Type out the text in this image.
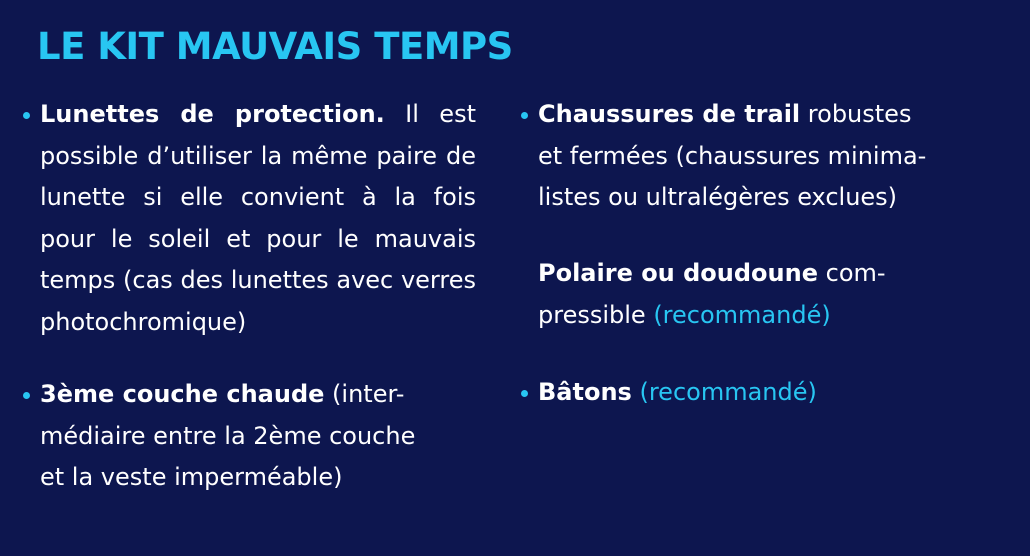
LE KIT MAUVAIS TEMPS
Lunettes de protection. Il est possible d’utiliser la même paire de lunette si elle convient à la fois pour le soleil et pour le mauvais temps (cas des lunettes avec verres photochromique)
3ème couche chaude (inter-
médiaire entre la 2ème couche
et la veste imperméable)
Chaussures de trail robustes
et fermées (chaussures minima-
listes ou ultralégères exclues)
Polaire ou doudoune com-
pressible (recommandé)
Bâtons (recommandé)
